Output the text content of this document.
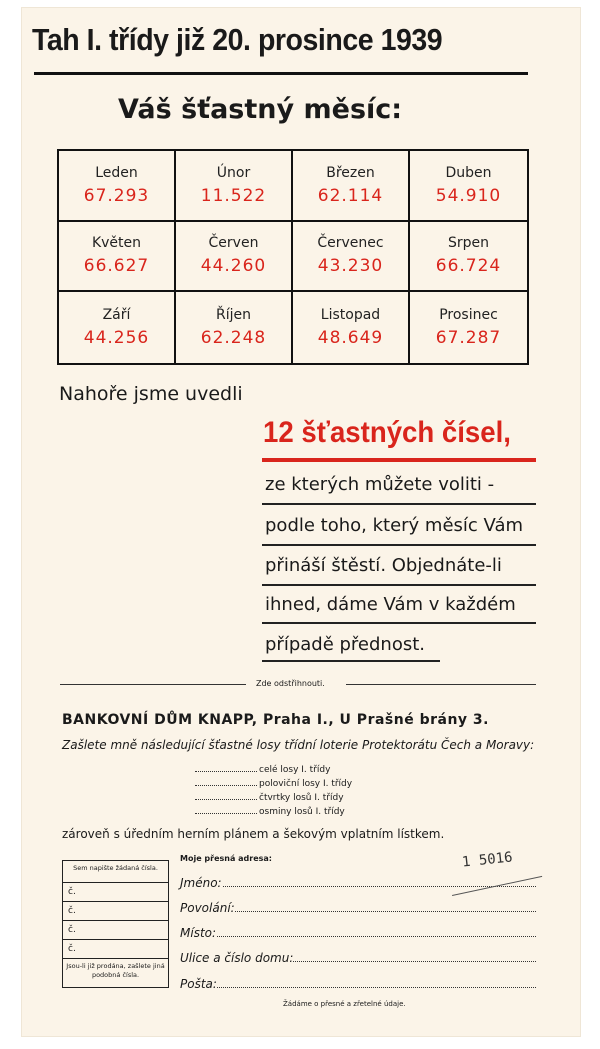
Tah I. třídy již 20. prosince 1939
Váš šťastný měsíc:
Leden
67.293
Únor
11.522
Březen
62.114
Duben
54.910
Květen
66.627
Červen
44.260
Červenec
43.230
Srpen
66.724
Září
44.256
Říjen
62.248
Listopad
48.649
Prosinec
67.287
Nahoře jsme uvedli
12 šťastných čísel,
ze kterých můžete voliti -
podle toho, který měsíc Vám
přináší štěstí. Objednáte-li
ihned, dáme Vám v každém
případě přednost.
Zde odstřihnouti.
BANKOVNÍ DŮM KNAPP, Praha I., U Prašné brány 3.
Zašlete mně následující šťastné losy třídní loterie Protektorátu Čech a Moravy:
celé losy I. třídy
poloviční losy I. třídy
čtvrtky losů I. třídy
osminy losů I. třídy
zároveň s úředním herním plánem a šekovým vplatním lístkem.
Sem napište žádaná čísla.
č.
č.
č.
č.
Jsou-li již prodána, zašlete jiná podobná čísla.
Moje přesná adresa:
Jméno:
Povolání:
Místo:
Ulice a číslo domu:
Pošta:
1 5016
Žádáme o přesné a zřetelné údaje.
